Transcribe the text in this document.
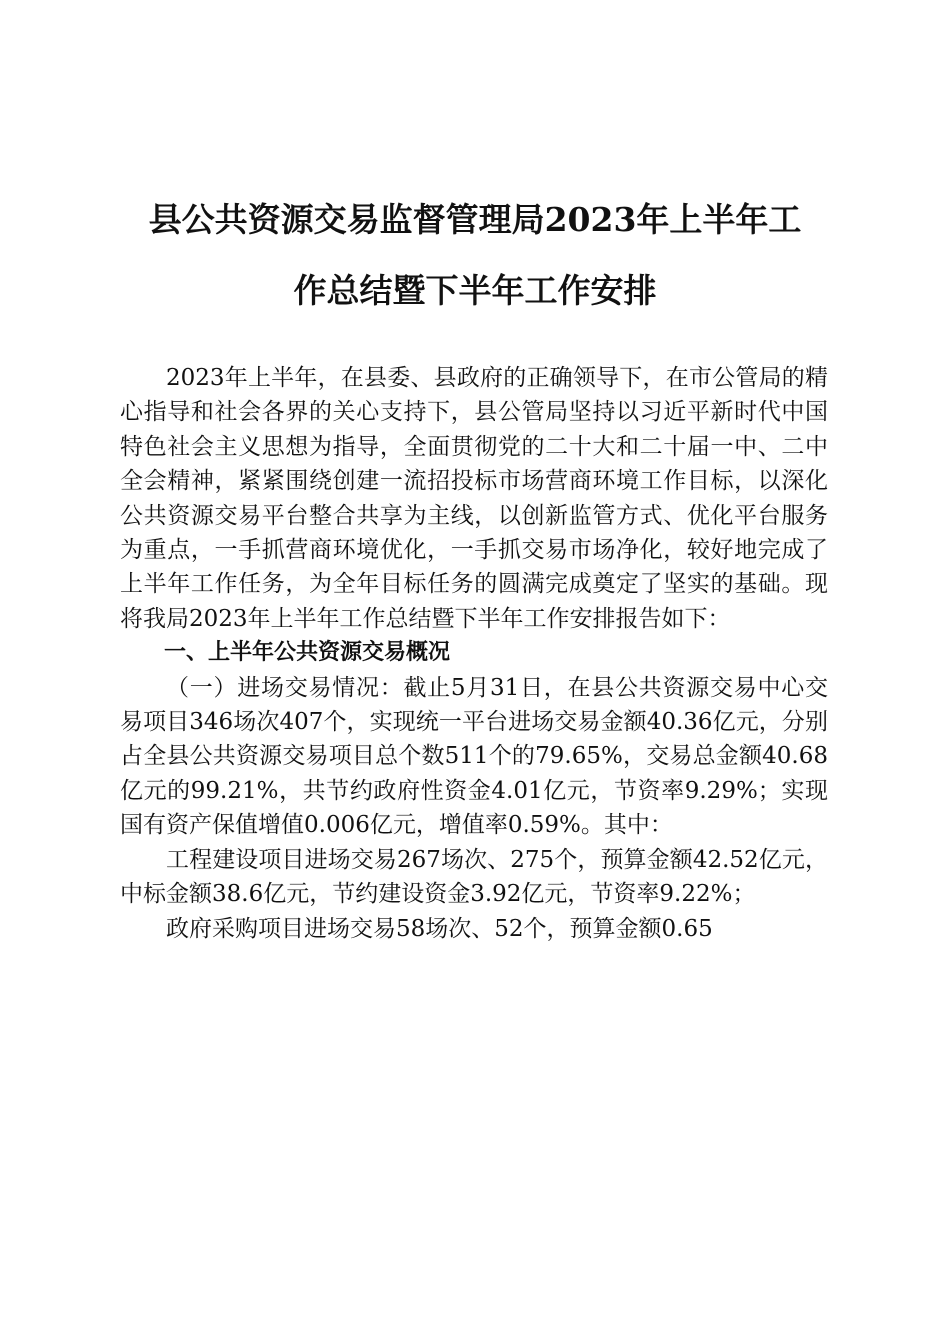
县公共资源交易监督管理局2023年上半年工
作总结暨下半年工作安排

2023年上半年，在县委、县政府的正确领导下，在市公管局的精心指导和社会各界的关心支持下，县公管局坚持以习近平新时代中国特色社会主义思想为指导，全面贯彻党的二十大和二十届一中、二中全会精神，紧紧围绕创建一流招投标市场营商环境工作目标，以深化公共资源交易平台整合共享为主线，以创新监管方式、优化平台服务为重点，一手抓营商环境优化，一手抓交易市场净化，较好地完成了上半年工作任务，为全年目标任务的圆满完成奠定了坚实的基础。现将我局2023年上半年工作总结暨下半年工作安排报告如下：

一、上半年公共资源交易概况

（一）进场交易情况：截止5月31日，在县公共资源交易中心交易项目346场次407个，实现统一平台进场交易金额40.36亿元，分别占全县公共资源交易项目总个数511个的79.65%，交易总金额40.68亿元的99.21%，共节约政府性资金4.01亿元，节资率9.29%；实现国有资产保值增值0.006亿元，增值率0.59%。其中：

工程建设项目进场交易267场次、275个，预算金额42.52亿元，中标金额38.6亿元，节约建设资金3.92亿元，节资率9.22%；

政府采购项目进场交易58场次、52个，预算金额0.65
